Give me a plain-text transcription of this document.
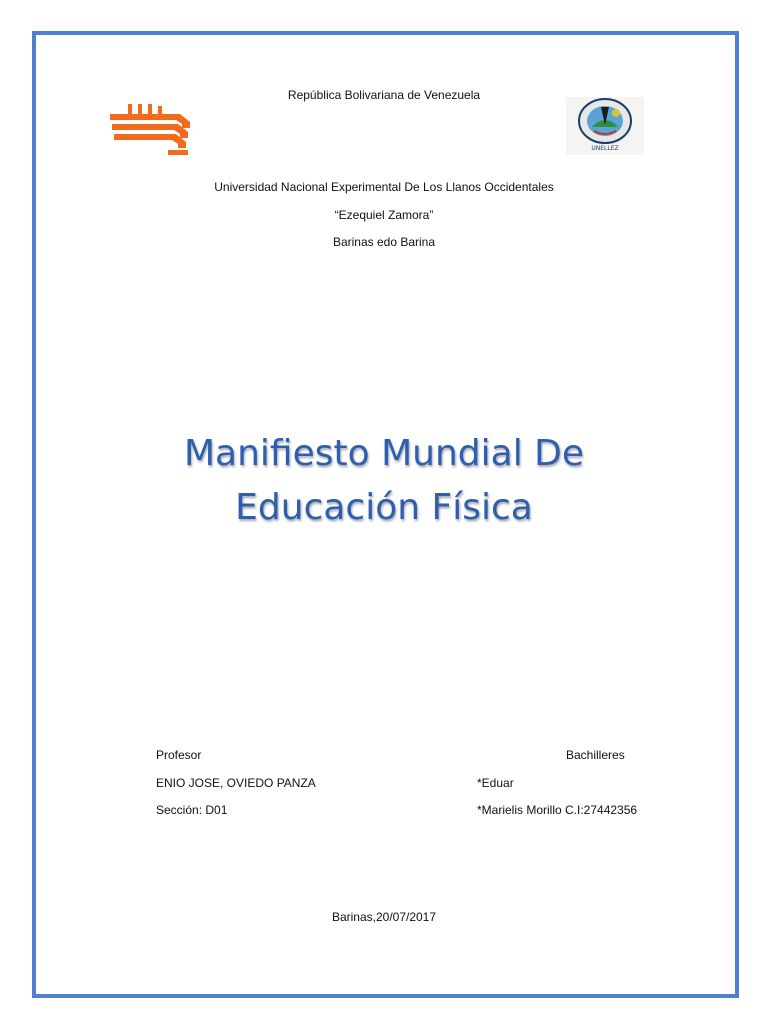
UNELLEZ
República Bolivariana de Venezuela
Universidad Nacional Experimental De Los Llanos Occidentales
“Ezequiel Zamora”
Barinas edo Barina
Manifiesto Mundial De
Educación Física
Profesor
ENIO JOSE, OVIEDO PANZA
Sección: D01
Bachilleres
*Eduar
*Marielis Morillo C.I:27442356
Barinas,20/07/2017
